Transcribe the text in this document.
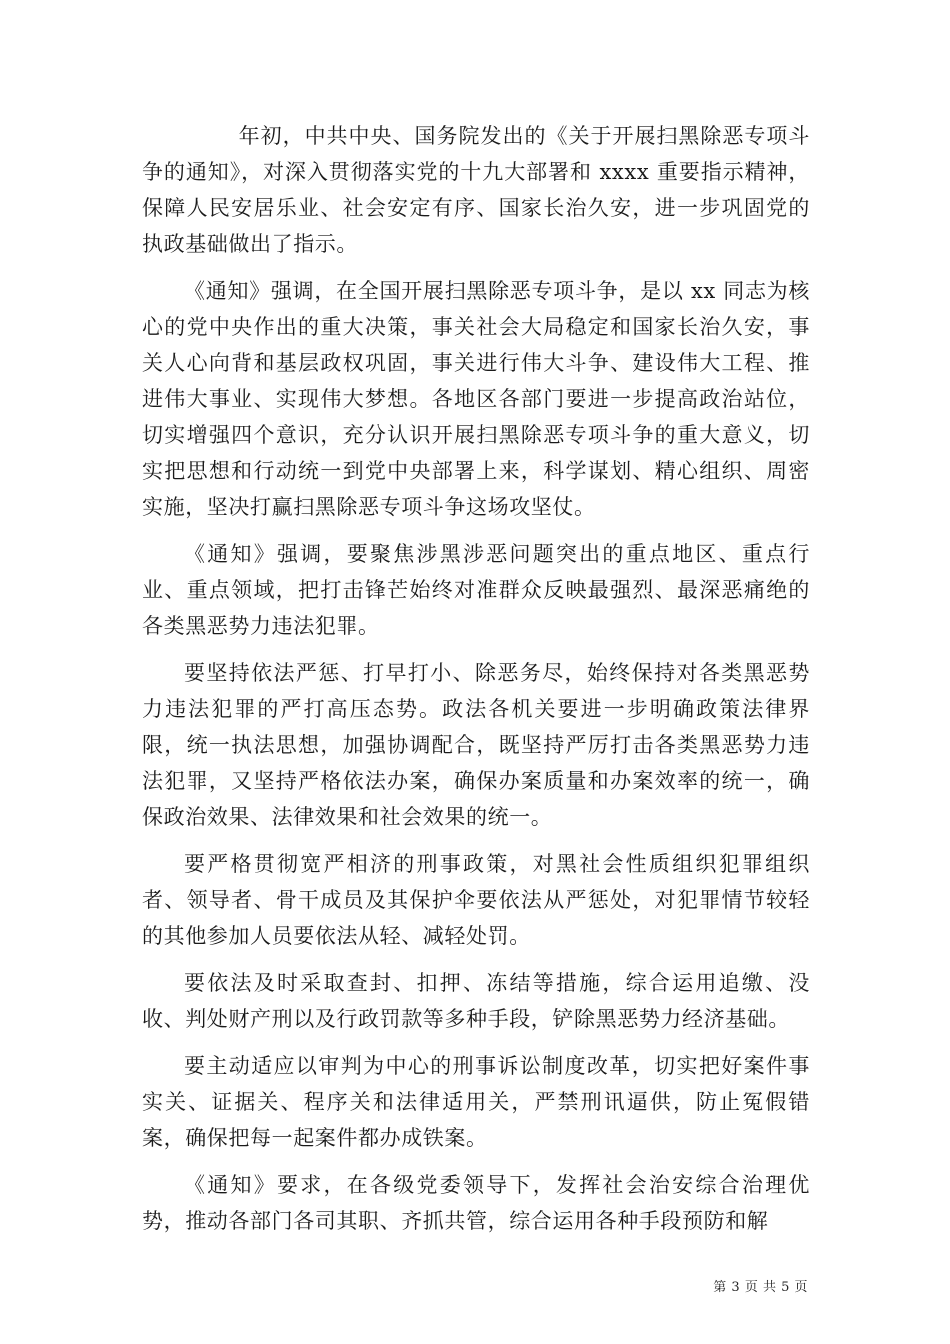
年初，中共中央、国务院发出的《关于开展扫黑除恶专项斗争的通知》，对深入贯彻落实党的十九大部署和 xxxx 重要指示精神，保障人民安居乐业、社会安定有序、国家长治久安，进一步巩固党的执政基础做出了指示。

《通知》强调，在全国开展扫黑除恶专项斗争，是以 xx 同志为核心的党中央作出的重大决策，事关社会大局稳定和国家长治久安，事关人心向背和基层政权巩固，事关进行伟大斗争、建设伟大工程、推进伟大事业、实现伟大梦想。各地区各部门要进一步提高政治站位，切实增强四个意识，充分认识开展扫黑除恶专项斗争的重大意义，切实把思想和行动统一到党中央部署上来，科学谋划、精心组织、周密实施，坚决打赢扫黑除恶专项斗争这场攻坚仗。

《通知》强调，要聚焦涉黑涉恶问题突出的重点地区、重点行业、重点领域，把打击锋芒始终对准群众反映最强烈、最深恶痛绝的各类黑恶势力违法犯罪。

要坚持依法严惩、打早打小、除恶务尽，始终保持对各类黑恶势力违法犯罪的严打高压态势。政法各机关要进一步明确政策法律界限，统一执法思想，加强协调配合，既坚持严厉打击各类黑恶势力违法犯罪，又坚持严格依法办案，确保办案质量和办案效率的统一，确保政治效果、法律效果和社会效果的统一。

要严格贯彻宽严相济的刑事政策，对黑社会性质组织犯罪组织者、领导者、骨干成员及其保护伞要依法从严惩处，对犯罪情节较轻的其他参加人员要依法从轻、减轻处罚。

要依法及时采取查封、扣押、冻结等措施，综合运用追缴、没收、判处财产刑以及行政罚款等多种手段，铲除黑恶势力经济基础。

要主动适应以审判为中心的刑事诉讼制度改革，切实把好案件事实关、证据关、程序关和法律适用关，严禁刑讯逼供，防止冤假错案，确保把每一起案件都办成铁案。

《通知》要求，在各级党委领导下，发挥社会治安综合治理优势，推动各部门各司其职、齐抓共管，综合运用各种手段预防和解

第 3 页 共 5 页
